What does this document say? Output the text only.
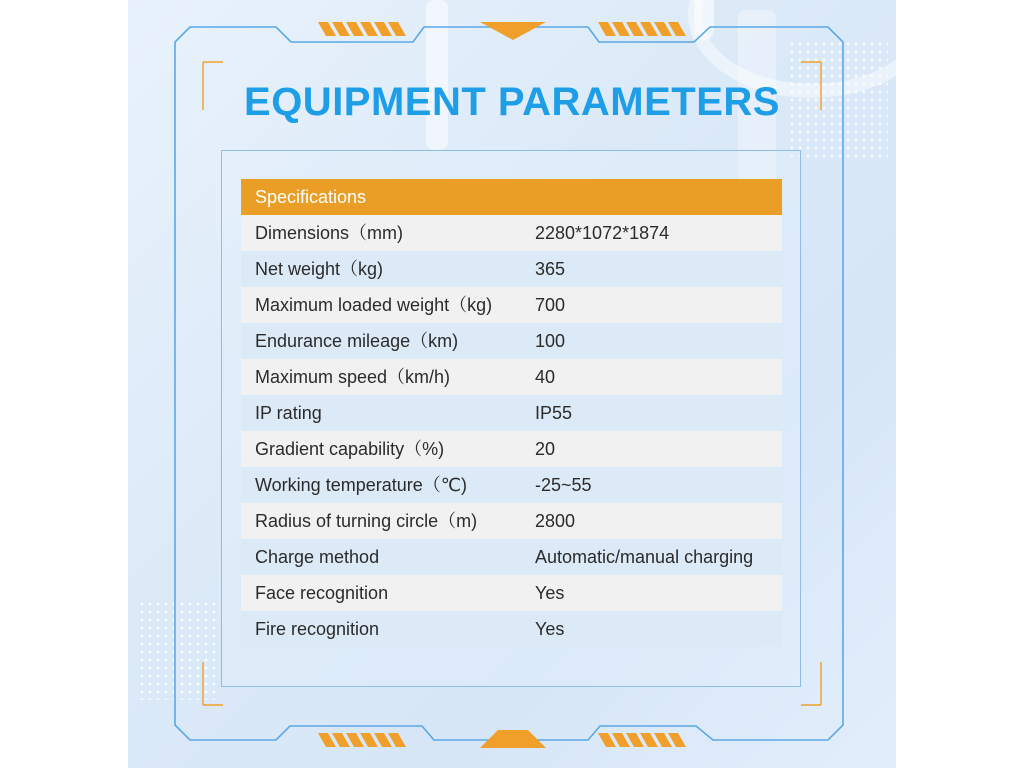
EQUIPMENT PARAMETERS
Specifications
Dimensions（mm)	2280*1072*1874
Net weight（kg)	365
Maximum loaded weight（kg) 700
Endurance mileage（km)	100
Maximum speed（km/h)	40
IP rating	IP55
Gradient capability（%)	20
Working temperature（℃)	-25~55
Radius of turning circle（m)	2800
Charge method	Automatic/manual charging
Face recognition	Yes
Fire recognition	Yes
